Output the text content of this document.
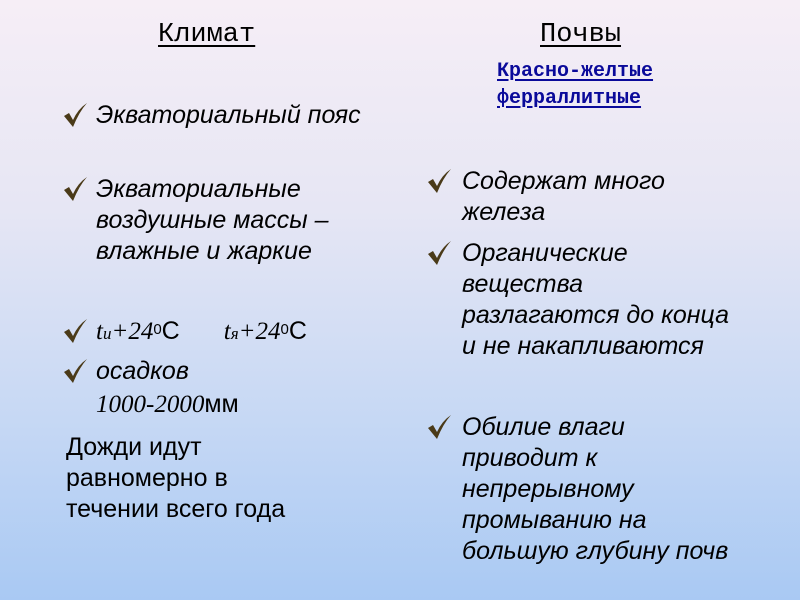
Климат
Экваториальный пояс
Экваториальные воздушные массы – влажные и жаркие
$tи+24^0С$ $tя+24^0С$
осадков
1000-2000мм
Дожди идут равномерно в течении всего года
Почвы
Красно-желтые ферраллитные
Содержат много железа
Органические вещества разлагаются до конца и не накапливаются
Обилие влаги приводит к непрерывному промыванию на большую глубину почв
